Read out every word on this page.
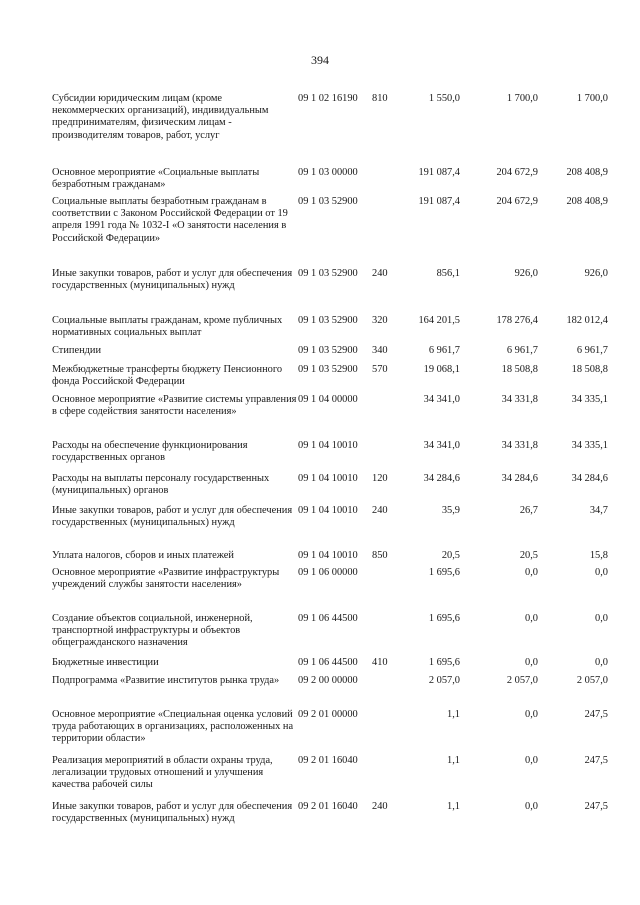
394
Субсидии юридическим лицам (кроме некоммерческих организаций), индивидуальным предпринимателям, физическим лицам - производителям товаров, работ, услуг
09 1 02 16190 810	1 550,0	1 700,0	1 700,0
Основное мероприятие «Социальные выплаты безработным гражданам»
09 1 03 00000	191 087,4	204 672,9	208 408,9
Социальные выплаты безработным гражданам в соответствии с Законом Российской Федерации от 19 апреля 1991 года № 1032-I «О занятости населения в Российской Федерации»
09 1 03 52900	191 087,4	204 672,9	208 408,9
Иные закупки товаров, работ и услуг для обеспечения государственных (муниципальных) нужд
09 1 03 52900 240	856,1	926,0	926,0
Социальные выплаты гражданам, кроме публичных нормативных социальных выплат
09 1 03 52900 320	164 201,5	178 276,4	182 012,4
Стипендии	09 1 03 52900 340	6 961,7	6 961,7	6 961,7
Межбюджетные трансферты бюджету Пенсионного фонда Российской Федерации
09 1 03 52900 570	19 068,1	18 508,8	18 508,8
Основное мероприятие «Развитие системы управления в сфере содействия занятости населения»
09 1 04 00000	34 341,0	34 331,8	34 335,1
Расходы на обеспечение функционирования государственных органов
09 1 04 10010	34 341,0	34 331,8	34 335,1
Расходы на выплаты персоналу государственных (муниципальных) органов
09 1 04 10010 120	34 284,6	34 284,6	34 284,6
Иные закупки товаров, работ и услуг для обеспечения государственных (муниципальных) нужд
09 1 04 10010 240	35,9	26,7	34,7
Уплата налогов, сборов и иных платежей	09 1 04 10010 850	20,5	20,5	15,8
Основное мероприятие «Развитие инфраструктуры учреждений службы занятости населения»
09 1 06 00000	1 695,6	0,0	0,0
Создание объектов социальной, инженерной, транспортной инфраструктуры и объектов общегражданского назначения
09 1 06 44500	1 695,6	0,0	0,0
Бюджетные инвестиции	09 1 06 44500 410	1 695,6	0,0	0,0
Подпрограмма «Развитие институтов рынка труда»	09 2 00 00000	2 057,0	2 057,0	2 057,0
Основное мероприятие «Специальная оценка условий труда работающих в организациях, расположенных на территории области»
09 2 01 00000	1,1	0,0	247,5
Реализация мероприятий в области охраны труда, легализации трудовых отношений и улучшения качества рабочей силы
09 2 01 16040	1,1	0,0	247,5
Иные закупки товаров, работ и услуг для обеспечения государственных (муниципальных) нужд
09 2 01 16040 240	1,1	0,0	247,5
